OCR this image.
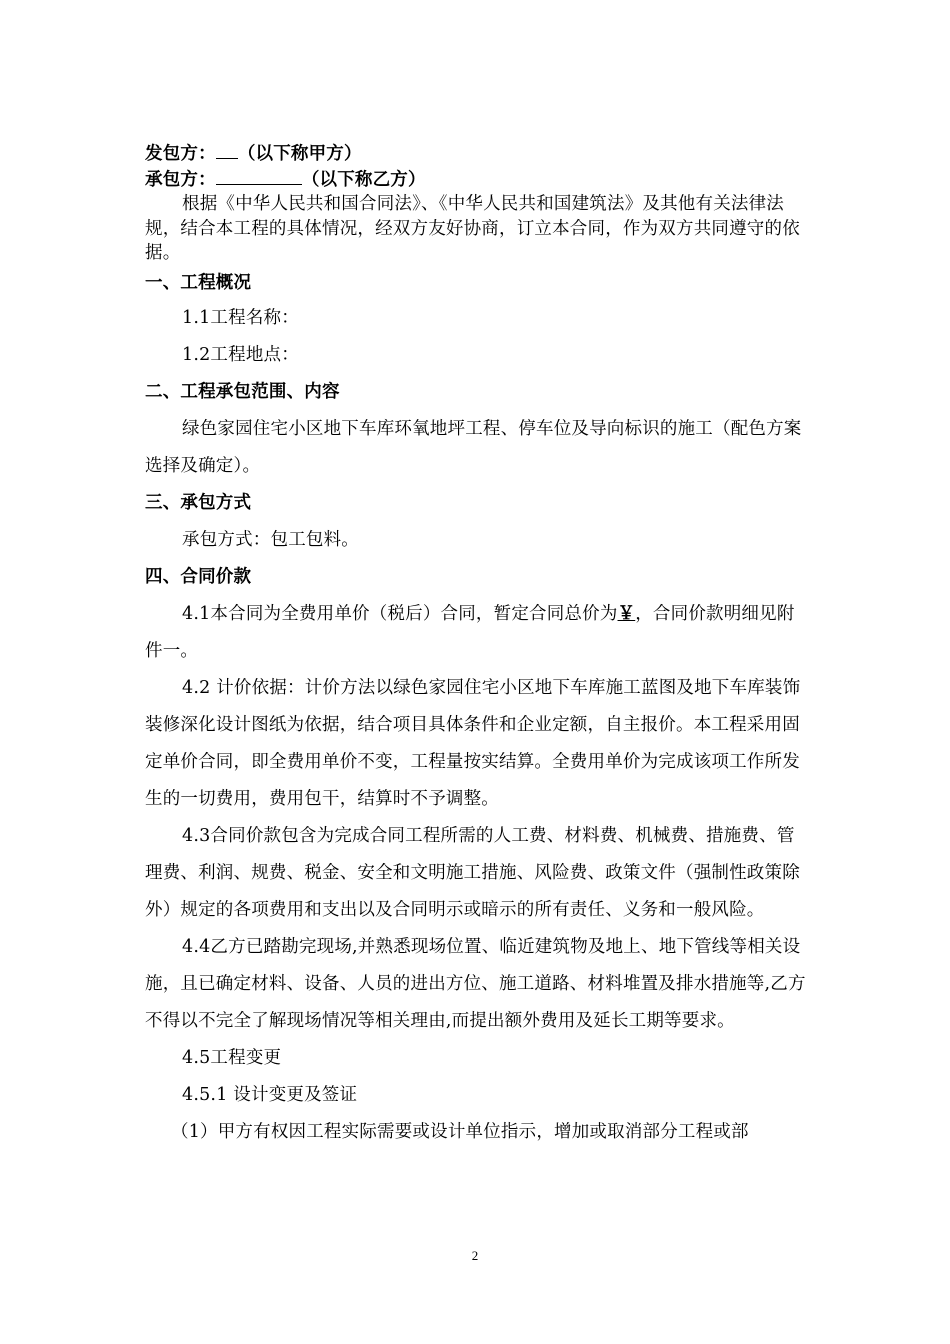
发包方： （以下称甲方）

承包方：	（以下称乙方）

根据《中华人民共和国合同法》、《中华人民共和国建筑法》及其他有关法律法规，结合本工程的具体情况，经双方友好协商，订立本合同，作为双方共同遵守的依据。

一、工程概况

1.1工程名称：

1.2工程地点：

二、工程承包范围、内容

绿色家园住宅小区地下车库环氧地坪工程、停车位及导向标识的施工（配色方案选择及确定）。

三、承包方式

承包方式：包工包料。

四、合同价款

4.1本合同为全费用单价（税后）合同，暂定合同总价为￥，合同价款明细见附件一。

4.2 计价依据：计价方法以绿色家园住宅小区地下车库施工蓝图及地下车库装饰装修深化设计图纸为依据，结合项目具体条件和企业定额，自主报价。本工程采用固定单价合同，即全费用单价不变，工程量按实结算。全费用单价为完成该项工作所发生的一切费用，费用包干，结算时不予调整。

4.3合同价款包含为完成合同工程所需的人工费、材料费、机械费、措施费、管理费、利润、规费、税金、安全和文明施工措施、风险费、政策文件（强制性政策除外）规定的各项费用和支出以及合同明示或暗示的所有责任、义务和一般风险。

4.4乙方已踏勘完现场,并熟悉现场位置、临近建筑物及地上、地下管线等相关设施，且已确定材料、设备、人员的进出方位、施工道路、材料堆置及排水措施等,乙方不得以不完全了解现场情况等相关理由,而提出额外费用及延长工期等要求。

4.5工程变更

4.5.1 设计变更及签证

（1）甲方有权因工程实际需要或设计单位指示，增加或取消部分工程或部

2
